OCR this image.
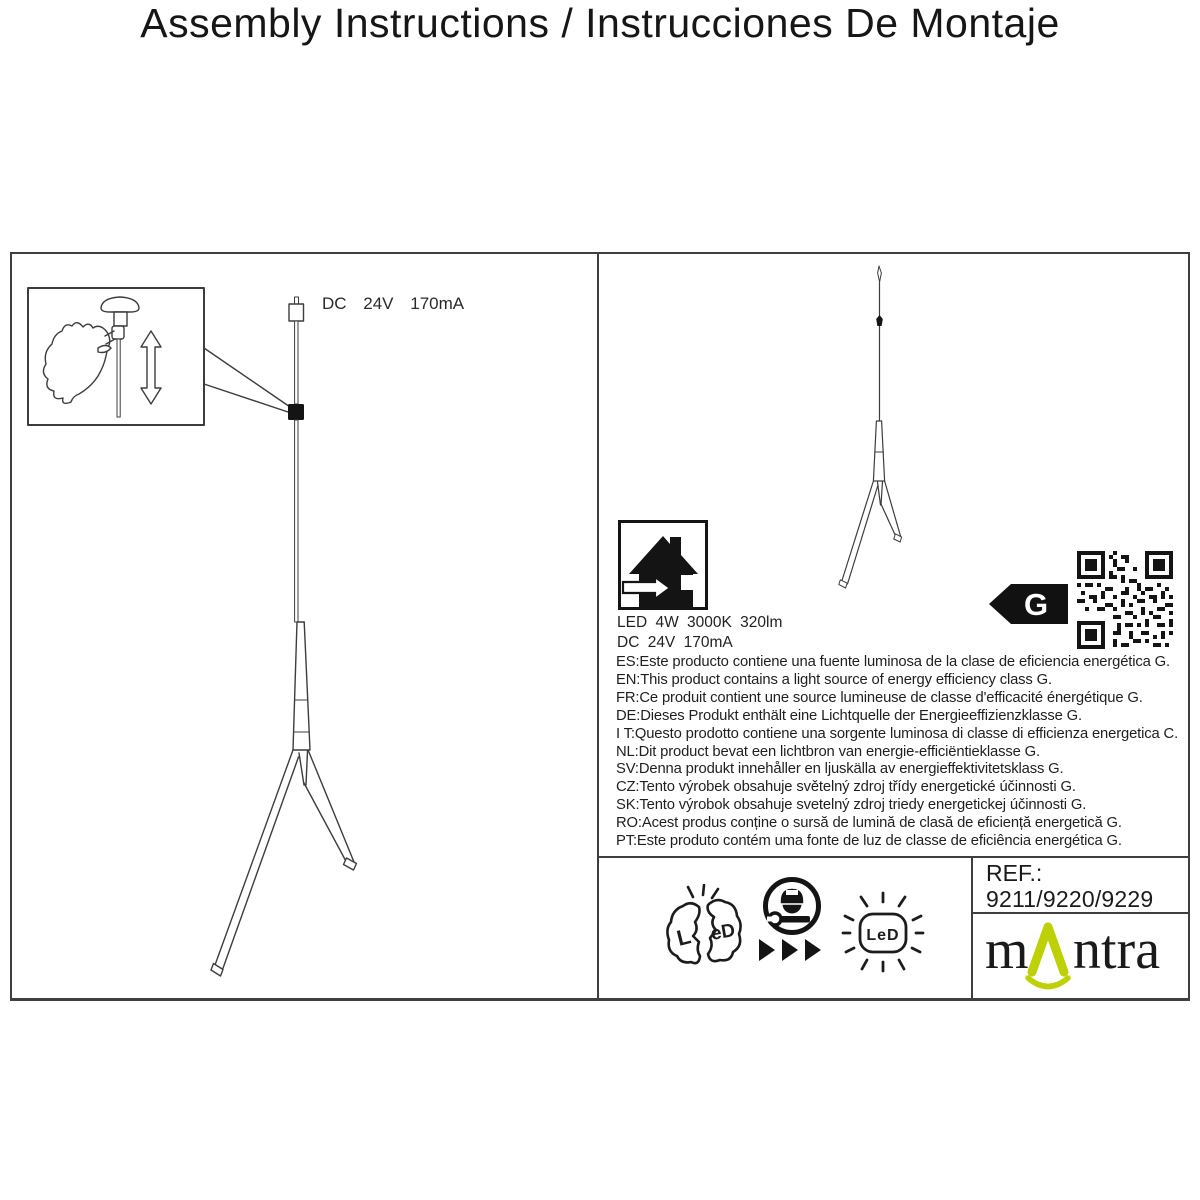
Assembly Instructions / Instrucciones De Montaje
DC 24V 170mA
LED 4W 3000K 320lm
DC 24V 170mA
G
ES:Este producto contiene una fuente luminosa de la clase de eficiencia energética G.
EN:This product contains a light source of energy efficiency class G.
FR:Ce produit contient une source lumineuse de classe d'efficacité énergétique G.
DE:Dieses Produkt enthält eine Lichtquelle der Energieeffizienzklasse G.
I T:Questo prodotto contiene una sorgente luminosa di classe di efficienza energetica C.
NL:Dit product bevat een lichtbron van energie-efficiëntieklasse G.
SV:Denna produkt innehåller en ljuskälla av energieffektivitetsklass G.
CZ:Tento výrobek obsahuje světelný zdroj třídy energetické účinnosti G.
SK:Tento výrobok obsahuje svetelný zdroj triedy energetickej účinnosti G.
RO:Acest produs conține o sursă de lumină de clasă de eficiență energetică G.
PT:Este produto contém uma fonte de luz de classe de eficiência energética G.
L eD	LeD
REF.:
9211/9220/9229
m ntra
